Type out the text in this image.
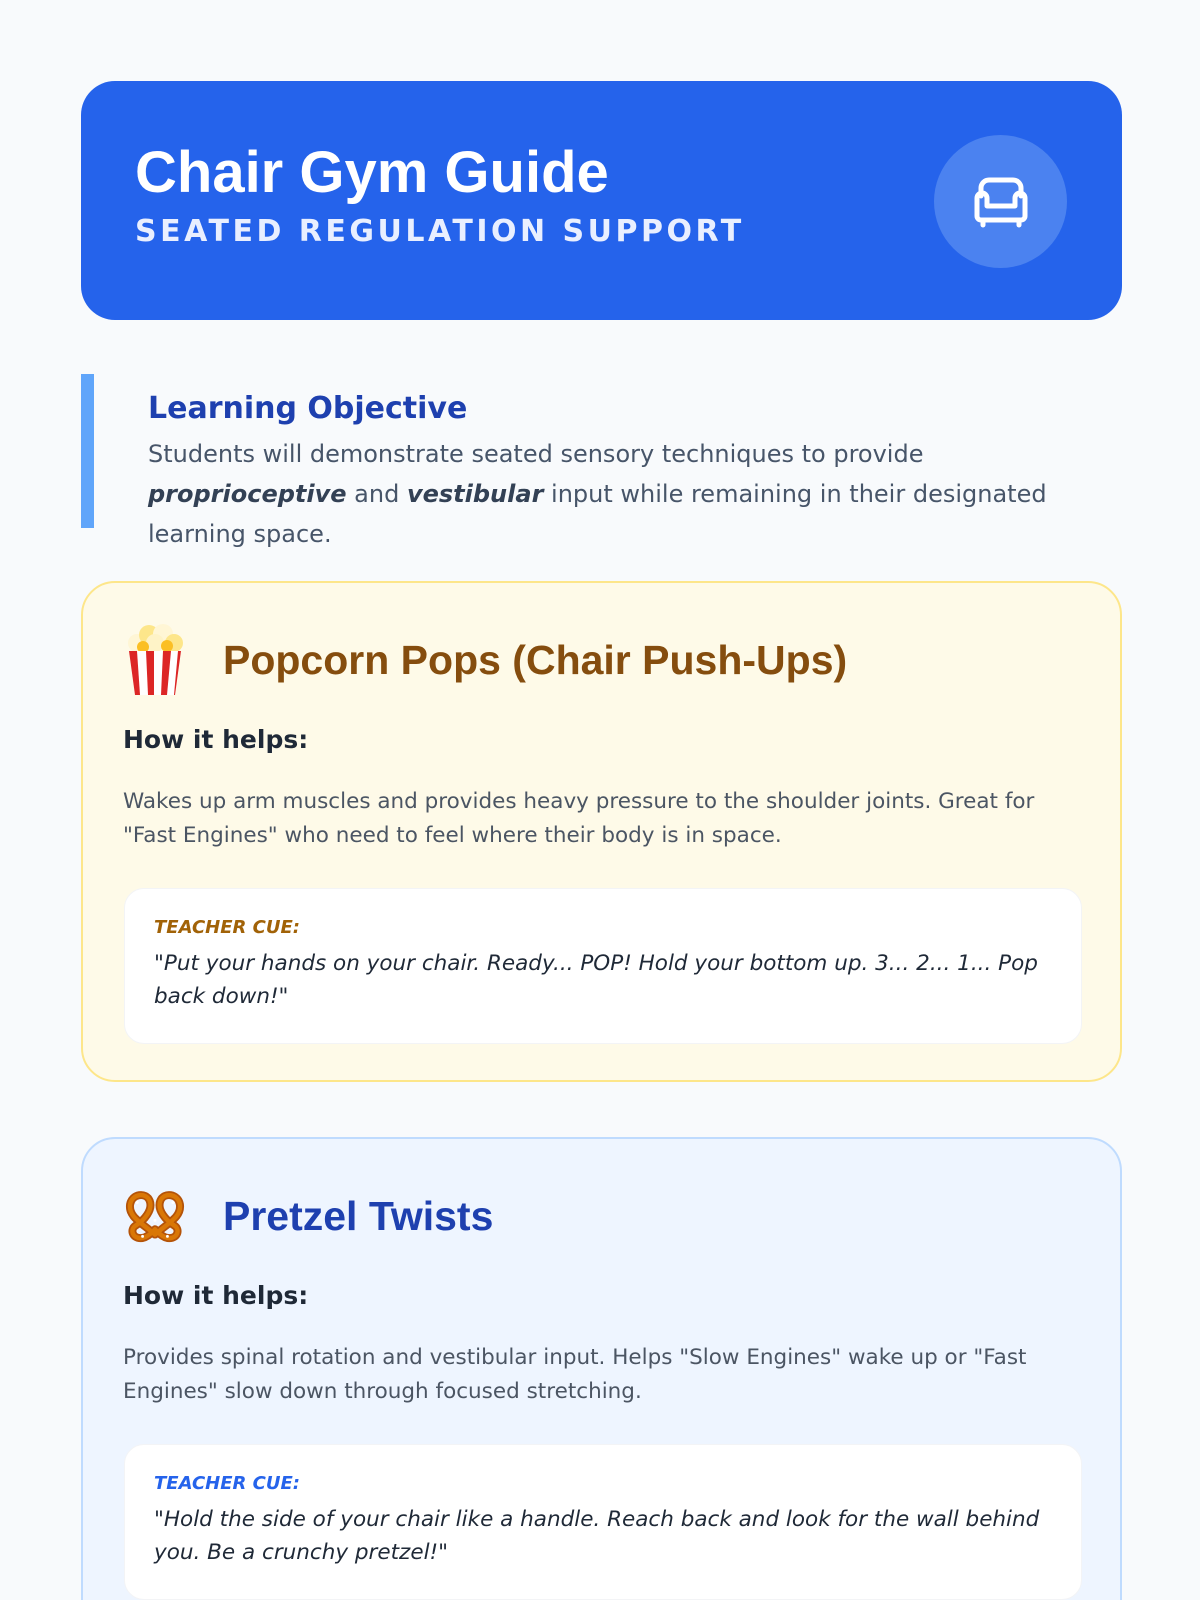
Chair Gym Guide
SEATED REGULATION SUPPORT
Learning Objective
Students will demonstrate seated sensory techniques to provide proprioceptive and vestibular input while remaining in their designated learning space.
Popcorn Pops (Chair Push-Ups)
How it helps:
Wakes up arm muscles and provides heavy pressure to the shoulder joints. Great for "Fast Engines" who need to feel where their body is in space.
TEACHER CUE:
"Put your hands on your chair. Ready... POP! Hold your bottom up. 3... 2... 1... Pop back down!"
Pretzel Twists
How it helps:
Provides spinal rotation and vestibular input. Helps "Slow Engines" wake up or "Fast Engines" slow down through focused stretching.
TEACHER CUE:
"Hold the side of your chair like a handle. Reach back and look for the wall behind you. Be a crunchy pretzel!"
